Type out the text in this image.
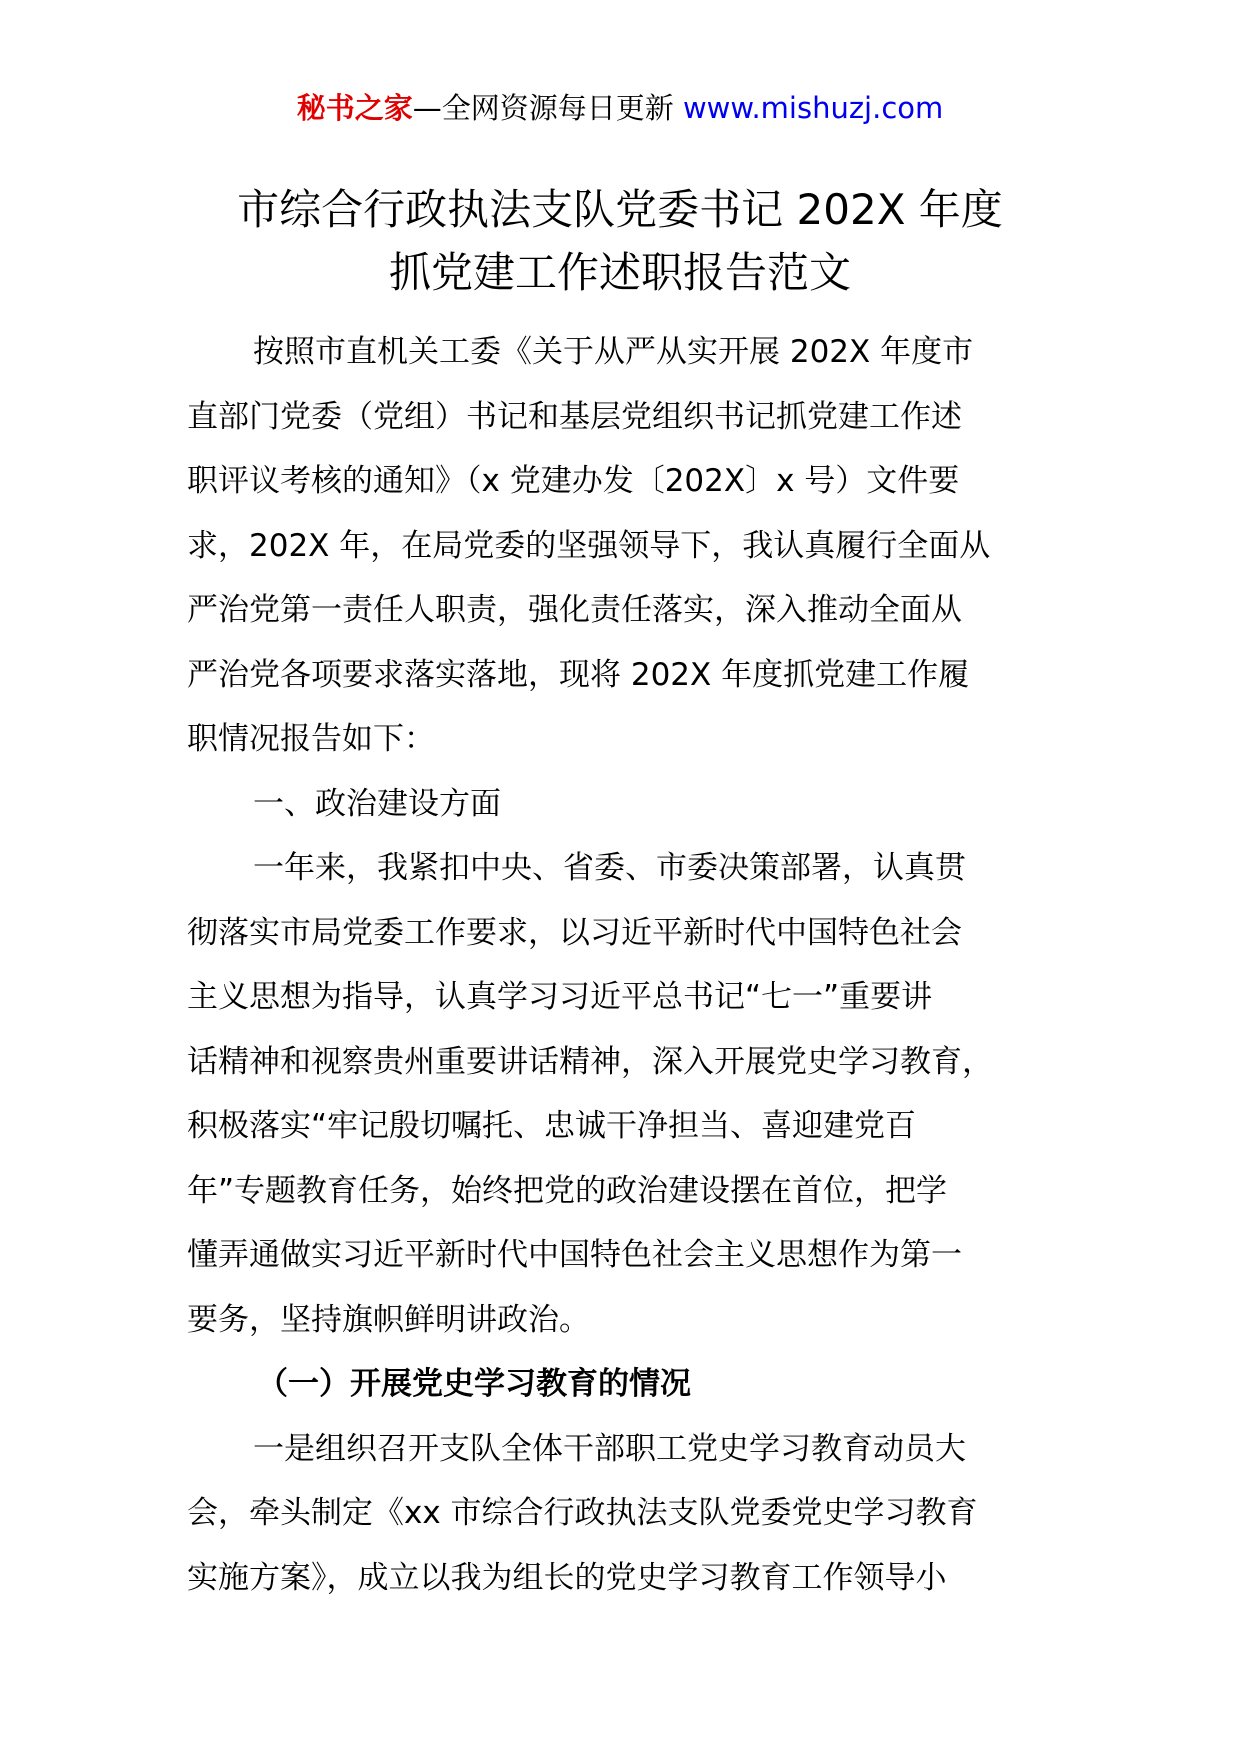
秘书之家—全网资源每日更新 www.mishuzj.com
市综合行政执法支队党委书记 202X 年度
抓党建工作述职报告范文
按照市直机关工委《关于从严从实开展 202X 年度市
直部门党委（党组）书记和基层党组织书记抓党建工作述
职评议考核的通知》（x 党建办发〔202X〕x 号）文件要
求，202X 年，在局党委的坚强领导下，我认真履行全面从
严治党第一责任人职责，强化责任落实，深入推动全面从
严治党各项要求落实落地，现将 202X 年度抓党建工作履
职情况报告如下：
一、政治建设方面
一年来，我紧扣中央、省委、市委决策部署，认真贯
彻落实市局党委工作要求，以习近平新时代中国特色社会
主义思想为指导，认真学习习近平总书记“七一”重要讲
话精神和视察贵州重要讲话精神，深入开展党史学习教育，
积极落实“牢记殷切嘱托、忠诚干净担当、喜迎建党百
年”专题教育任务，始终把党的政治建设摆在首位，把学
懂弄通做实习近平新时代中国特色社会主义思想作为第一
要务，坚持旗帜鲜明讲政治。
（一）开展党史学习教育的情况
一是组织召开支队全体干部职工党史学习教育动员大
会，牵头制定《xx 市综合行政执法支队党委党史学习教育
实施方案》，成立以我为组长的党史学习教育工作领导小
